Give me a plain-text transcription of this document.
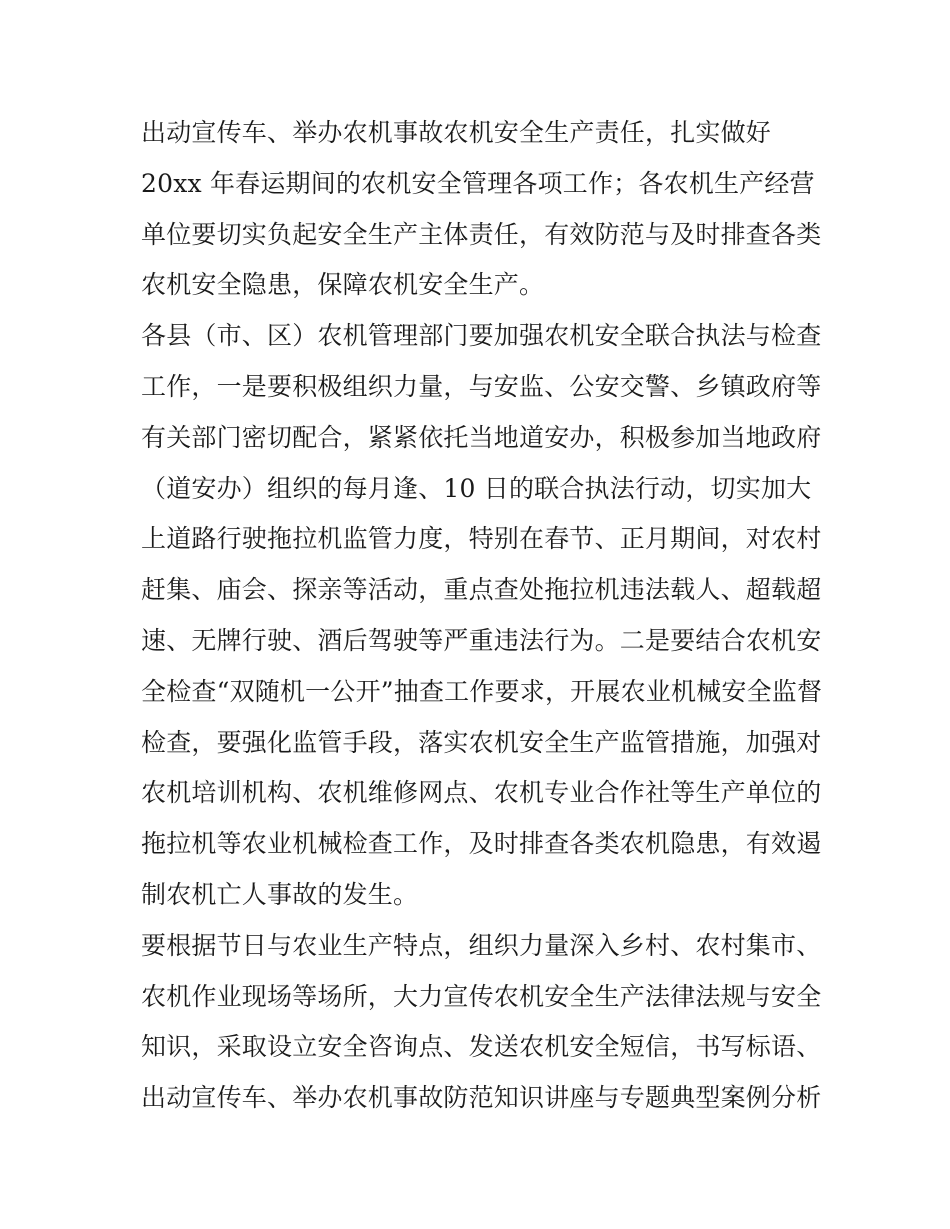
出动宣传车、举办农机事故农机安全生产责任，扎实做好
20xx 年春运期间的农机安全管理各项工作；各农机生产经营
单位要切实负起安全生产主体责任，有效防范与及时排查各类
农机安全隐患，保障农机安全生产。
各县（市、区）农机管理部门要加强农机安全联合执法与检查
工作，一是要积极组织力量，与安监、公安交警、乡镇政府等
有关部门密切配合，紧紧依托当地道安办，积极参加当地政府
（道安办）组织的每月逢、10 日的联合执法行动，切实加大
上道路行驶拖拉机监管力度，特别在春节、正月期间，对农村
赶集、庙会、探亲等活动，重点查处拖拉机违法载人、超载超
速、无牌行驶、酒后驾驶等严重违法行为。二是要结合农机安
全检查“双随机一公开”抽查工作要求，开展农业机械安全监督
检查，要强化监管手段，落实农机安全生产监管措施，加强对
农机培训机构、农机维修网点、农机专业合作社等生产单位的
拖拉机等农业机械检查工作，及时排查各类农机隐患，有效遏
制农机亡人事故的发生。
要根据节日与农业生产特点，组织力量深入乡村、农村集市、
农机作业现场等场所，大力宣传农机安全生产法律法规与安全
知识，采取设立安全咨询点、发送农机安全短信，书写标语、
出动宣传车、举办农机事故防范知识讲座与专题典型案例分析
